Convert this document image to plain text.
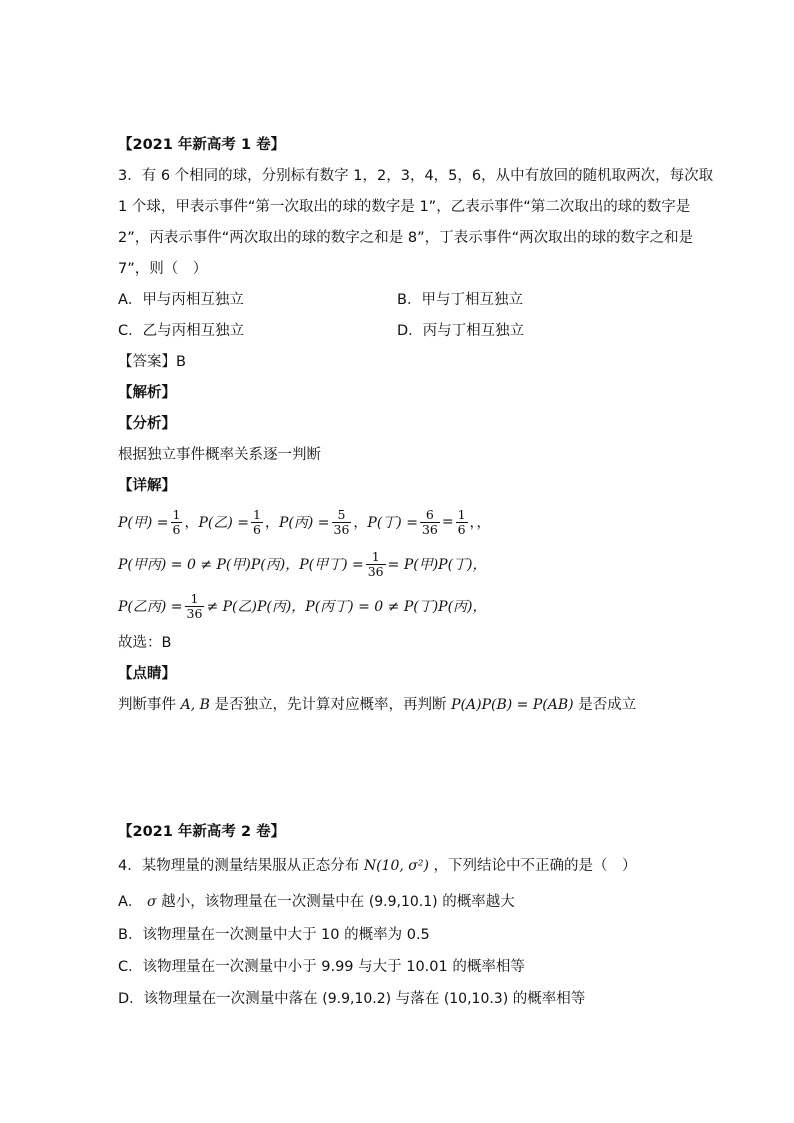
【2021 年新高考 1 卷】
3．有 6 个相同的球，分别标有数字 1，2，3，4，5，6，从中有放回的随机取两次，每次取
1 个球，甲表示事件“第一次取出的球的数字是 1”，乙表示事件“第二次取出的球的数字是
2”，丙表示事件“两次取出的球的数字之和是 8”，丁表示事件“两次取出的球的数字之和是
7”，则（　）
A．甲与丙相互独立	B．甲与丁相互独立
C．乙与丙相互独立	D．丙与丁相互独立
【答案】B
【解析】
【分析】
根据独立事件概率关系逐一判断
【详解】
P(甲) = $\frac{1}{6}$ ， P(乙) = $\frac{1}{6}$ ， P(丙) = $\frac{5}{36}$ ， P(丁) = $\frac{6}{36} = \frac{1}{6}$ ，，
P(甲丙) = 0 ≠ P(甲)P(丙)，P(甲丁) = $\frac{1}{36} = P$(甲)P(丁)，
P(乙丙) = $\frac{1}{36} \ne P$(乙)P(丙)，P(丙丁) = 0 ≠ P(丁)P(丙)，
故选：B
【点睛】
判断事件 A, B 是否独立，先计算对应概率，再判断 P(A)P(B) = P(AB) 是否成立
【2021 年新高考 2 卷】
4．某物理量的测量结果服从正态分布 N(10, σ²) ，下列结论中不正确的是（　）
A． σ 越小，该物理量在一次测量中在 (9.9,10.1) 的概率越大
B．该物理量在一次测量中大于 10 的概率为 0.5
C．该物理量在一次测量中小于 9.99 与大于 10.01 的概率相等
D．该物理量在一次测量中落在 (9.9,10.2) 与落在 (10,10.3) 的概率相等
